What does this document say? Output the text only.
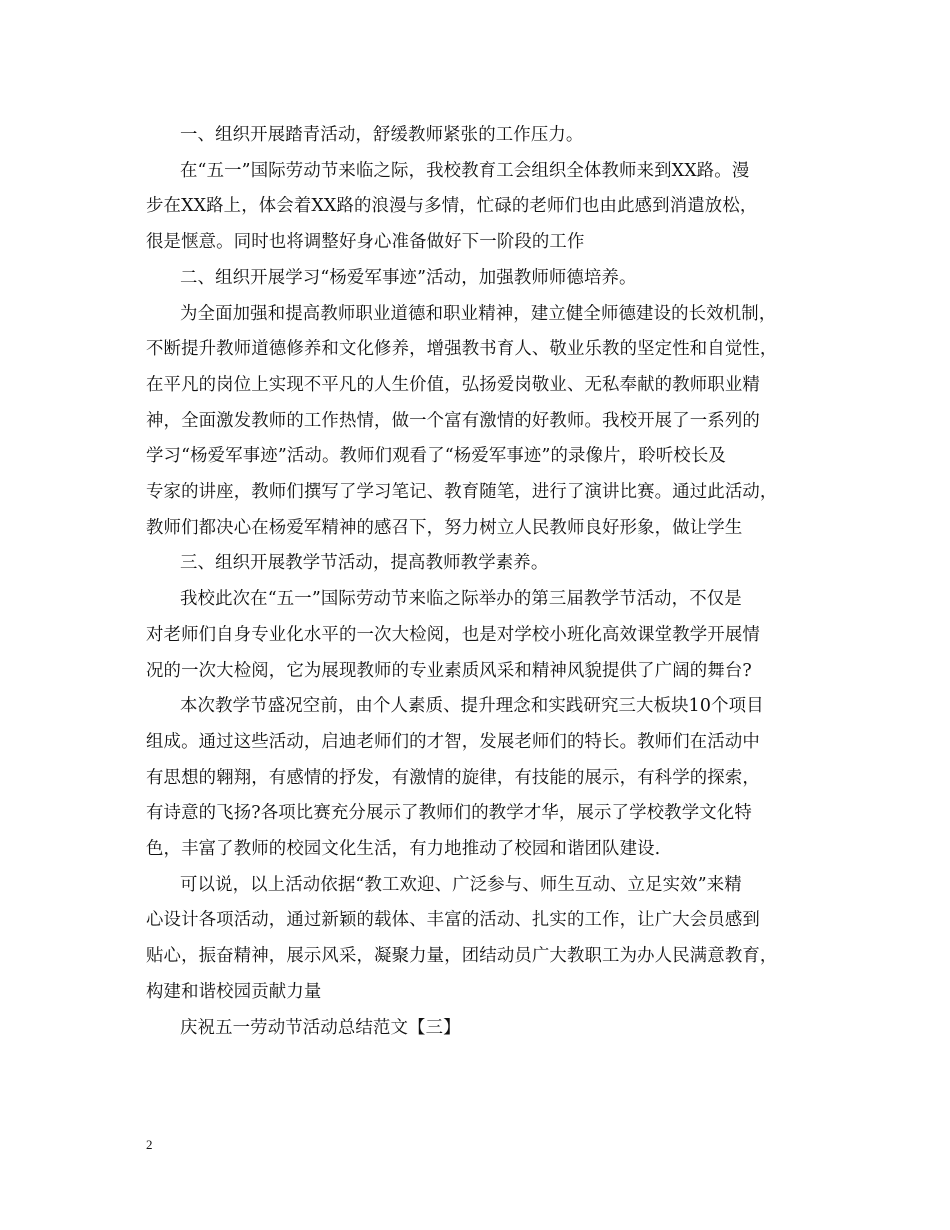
一、组织开展踏青活动，舒缓教师紧张的工作压力。

在“五一”国际劳动节来临之际，我校教育工会组织全体教师来到XX路。漫
步在XX路上，体会着XX路的浪漫与多情，忙碌的老师们也由此感到消遣放松，
很是惬意。同时也将调整好身心准备做好下一阶段的工作

二、组织开展学习“杨爱军事迹”活动，加强教师师德培养。

为全面加强和提高教师职业道德和职业精神，建立健全师德建设的长效机制，
不断提升教师道德修养和文化修养，增强教书育人、敬业乐教的坚定性和自觉性，
在平凡的岗位上实现不平凡的人生价值，弘扬爱岗敬业、无私奉献的教师职业精
神，全面激发教师的工作热情，做一个富有激情的好教师。我校开展了一系列的
学习“杨爱军事迹”活动。教师们观看了“杨爱军事迹”的录像片，聆听校长及
专家的讲座，教师们撰写了学习笔记、教育随笔，进行了演讲比赛。通过此活动，
教师们都决心在杨爱军精神的感召下，努力树立人民教师良好形象，做让学生

三、组织开展教学节活动，提高教师教学素养。

我校此次在“五一”国际劳动节来临之际举办的第三届教学节活动，不仅是
对老师们自身专业化水平的一次大检阅，也是对学校小班化高效课堂教学开展情
况的一次大检阅，它为展现教师的专业素质风采和精神风貌提供了广阔的舞台?

本次教学节盛况空前，由个人素质、提升理念和实践研究三大板块10个项目
组成。通过这些活动，启迪老师们的才智，发展老师们的特长。教师们在活动中
有思想的翱翔，有感情的抒发，有激情的旋律，有技能的展示，有科学的探索，
有诗意的飞扬?各项比赛充分展示了教师们的教学才华，展示了学校教学文化特
色，丰富了教师的校园文化生活，有力地推动了校园和谐团队建设.

可以说，以上活动依据“教工欢迎、广泛参与、师生互动、立足实效”来精
心设计各项活动，通过新颖的载体、丰富的活动、扎实的工作，让广大会员感到
贴心，振奋精神，展示风采，凝聚力量，团结动员广大教职工为办人民满意教育，
构建和谐校园贡献力量

庆祝五一劳动节活动总结范文【三】

2
